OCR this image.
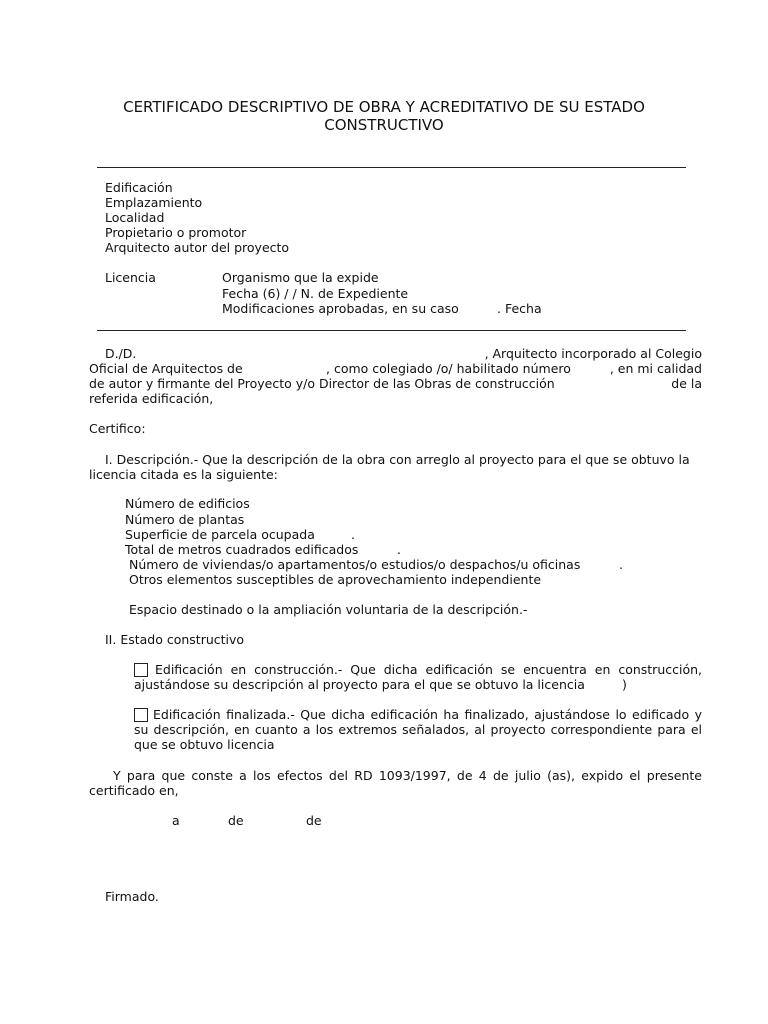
CERTIFICADO DESCRIPTIVO DE OBRA Y ACREDITATIVO DE SU ESTADO
CONSTRUCTIVO
Edificación
Emplazamiento
Localidad
Propietario o promotor
Arquitecto autor del proyecto
Licencia	Organismo que la expide
Fecha (6) / / N. de Expediente
Modificaciones aprobadas, en su caso	. Fecha
D./D.	, Arquitecto incorporado al Colegio
Oficial de Arquitectos de	, como colegiado /o/ habilitado número	, en mi calidad
de autor y firmante del Proyecto y/o Director de las Obras de construcción	de la
referida edificación,
Certifico:
I. Descripción.- Que la descripción de la obra con arreglo al proyecto para el que se obtuvo la
licencia citada es la siguiente:
Número de edificios
Número de plantas
Superficie de parcela ocupada	.
Total de metros cuadrados edificados	.
Número de viviendas/o apartamentos/o estudios/o despachos/u oficinas	.
Otros elementos susceptibles de aprovechamiento independiente
Espacio destinado o la ampliación voluntaria de la descripción.-
II. Estado constructivo
Edificación en construcción.- Que dicha edificación se encuentra en construcción,
ajustándose su descripción al proyecto para el que se obtuvo la licencia	)
Edificación finalizada.- Que dicha edificación ha finalizado, ajustándose lo edificado y
su descripción, en cuanto a los extremos señalados, al proyecto correspondiente para el
que se obtuvo licencia
Y para que conste a los efectos del RD 1093/1997, de 4 de julio (as), expido el presente
certificado en,
a	de	de
Firmado.
